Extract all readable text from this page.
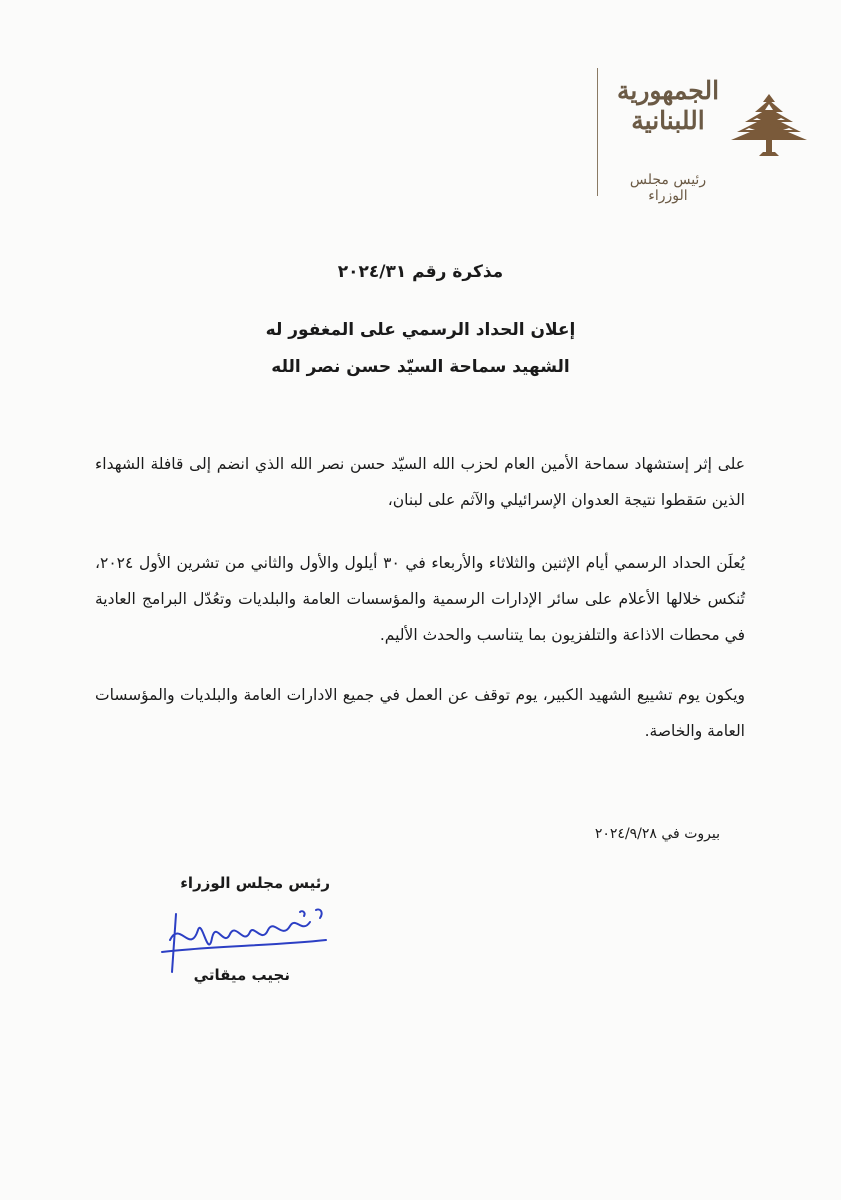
الجمهورية
اللبنانية
رئيس مجلس الوزراء
مذكرة رقم ٢٠٢٤/٣١
إعلان الحداد الرسمي على المغفور له
الشهيد سماحة السيّد حسن نصر الله
على إثر إستشهاد سماحة الأمين العام لحزب الله السيّد حسن نصر الله الذي انضم إلى قافلة الشهداء الذين سَقطوا نتيجة العدوان الإسرائيلي والآثم على لبنان،
يُعلَن الحداد الرسمي أيام الإثنين والثلاثاء والأربعاء في ٣٠ أيلول والأول والثاني من تشرين الأول ٢٠٢٤، تُنكس خلالها الأعلام على سائر الإدارات الرسمية والمؤسسات العامة والبلديات وتعُدّل البرامج العادية في محطات الاذاعة والتلفزيون بما يتناسب والحدث الأليم.
ويكون يوم تشييع الشهيد الكبير، يوم توقف عن العمل في جميع الادارات العامة والبلديات والمؤسسات العامة والخاصة.
بيروت في ٢٠٢٤/٩/٢٨
رئيس مجلس الوزراء
نجيب ميقاتي
